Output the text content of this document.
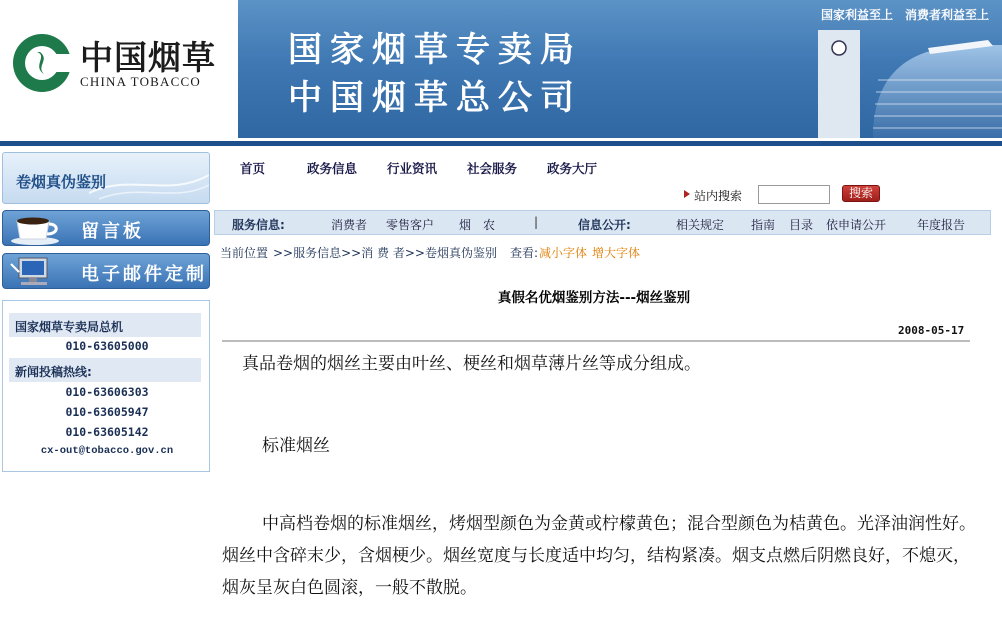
中国烟草
CHINA TOBACCO
国家烟草专卖局
中国烟草总公司
国家利益至上 消费者利益至上
卷烟真伪鉴别
留言板
电子邮件定制
国家烟草专卖局总机
010-63605000
新闻投稿热线:
010-63606303
010-63605947
010-63605142
cx-out@tobacco.gov.cn
首页	政务信息 行业资讯 社会服务 政务大厅
站内搜索	搜索
服务信息:	消费者 零售客户 烟　农	|	信息公开:	相关规定 指南 目录 依申请公开	年度报告
当前位置 >>服务信息>>消 费 者>>卷烟真伪鉴别 查看: 减小字体 增大字体
真假名优烟鉴别方法---烟丝鉴别
2008-05-17
真品卷烟的烟丝主要由叶丝、梗丝和烟草薄片丝等成分组成。
标准烟丝
中高档卷烟的标准烟丝，烤烟型颜色为金黄或柠檬黄色；混合型颜色为桔黄色。光泽油润性好。烟丝中含碎末少，含烟梗少。烟丝宽度与长度适中均匀，结构紧凑。烟支点燃后阴燃良好，不熄灭，烟灰呈灰白色圆滚，一般不散脱。
